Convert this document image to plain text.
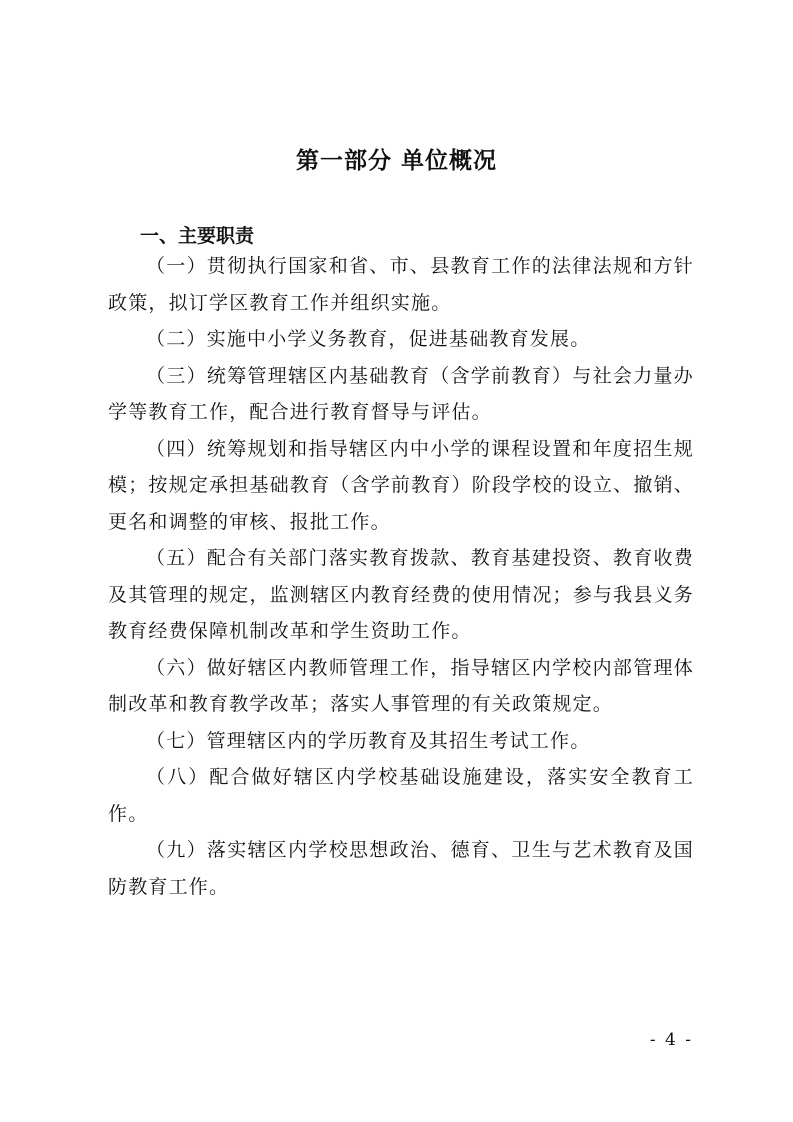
第一部分 单位概况
一、主要职责

（一）贯彻执行国家和省、市、县教育工作的法律法规和方针政策，拟订学区教育工作并组织实施。

（二）实施中小学义务教育，促进基础教育发展。

（三）统筹管理辖区内基础教育（含学前教育）与社会力量办学等教育工作，配合进行教育督导与评估。

（四）统筹规划和指导辖区内中小学的课程设置和年度招生规模；按规定承担基础教育（含学前教育）阶段学校的设立、撤销、更名和调整的审核、报批工作。

（五）配合有关部门落实教育拨款、教育基建投资、教育收费及其管理的规定，监测辖区内教育经费的使用情况；参与我县义务教育经费保障机制改革和学生资助工作。

（六）做好辖区内教师管理工作，指导辖区内学校内部管理体制改革和教育教学改革；落实人事管理的有关政策规定。

（七）管理辖区内的学历教育及其招生考试工作。

（八）配合做好辖区内学校基础设施建设，落实安全教育工作。

（九）落实辖区内学校思想政治、德育、卫生与艺术教育及国防教育工作。

- 4 -
